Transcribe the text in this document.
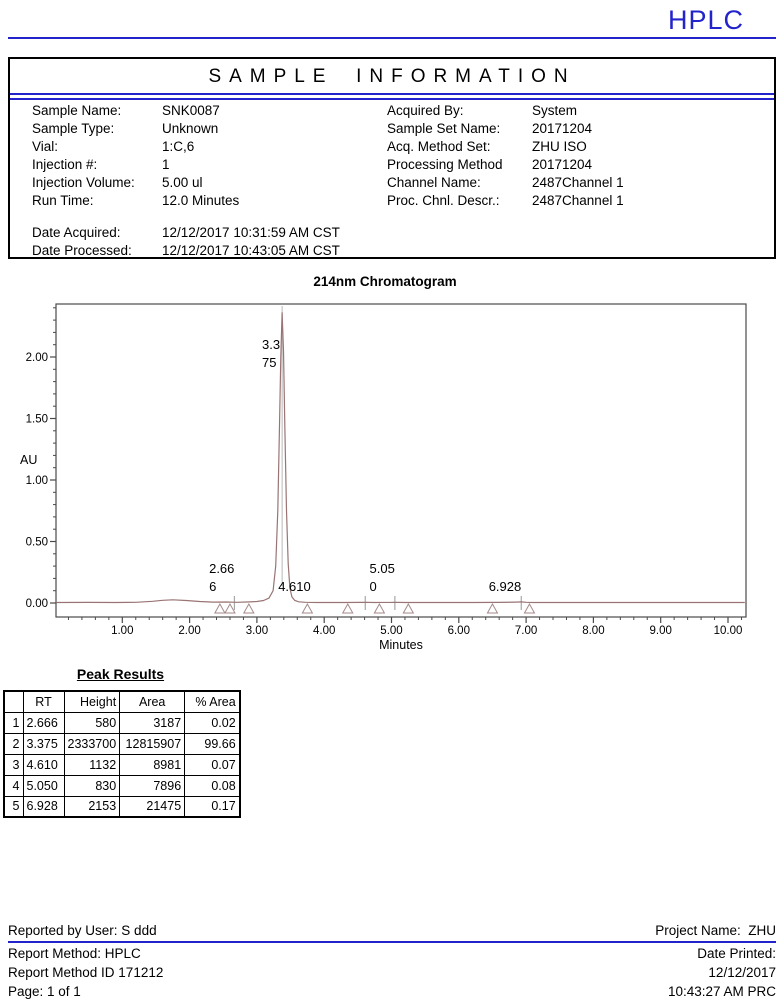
HPLC
SAMPLE INFORMATION
Sample Name:	SNK0087
Sample Type:	Unknown
Vial:	1:C,6
Injection #:	1
Injection Volume:	5.00 ul
Run Time:	12.0 Minutes
Date Acquired:	12/12/2017 10:31:59 AM CST
Date Processed:	12/12/2017 10:43:05 AM CST
Acquired By:	System
Sample Set Name:	20171204
Acq. Method Set:	ZHU ISO
Processing Method	20171204
Channel Name:	2487Channel 1
Proc. Chnl. Descr.:	2487Channel 1
214nm Chromatogram
1.00	2.00	3.00	4.00	5.00	6.00	7.00	8.00	9.00	10.00
Minutes
0.00
0.50
1.00
1.50
2.00
AU
2.66
6
3.3
75
4.610
5.05
0	6.928
Peak Results
	RT	Height	Area	% Area
1	2.666	580	3187	0.02
2	3.375	2333700	12815907	99.66
3	4.610	1132	8981	0.07
4	5.050	830	7896	0.08
5	6.928	2153	21475	0.17
Reported by User: S ddd	Project Name:  ZHU
Report Method: HPLC	Date Printed:
Report Method ID 171212	12/12/2017
Page: 1 of 1	10:43:27 AM PRC
